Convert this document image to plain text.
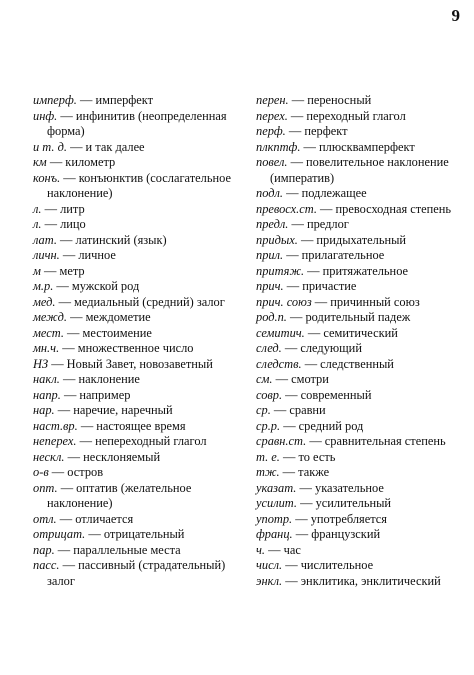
9
имперф. — имперфект
инф. — инфинитив (неопределенная форма)
и т. д. — и так далее
км — километр
конъ. — конъюнктив (сослагательное наклонение)
л. — литр
л. — лицо
лат. — латинский (язык)
личн. — личное
м — метр
м.р. — мужской род
мед. — медиальный (средний) залог
межд. — междометие
мест. — местоимение
мн.ч. — множественное число
НЗ — Новый Завет, новозаветный
накл. — наклонение
напр. — например
нар. — наречие, наречный
наст.вр. — настоящее время
неперех. — непереходный глагол
нескл. — несклоняемый
о-в — остров
опт. — оптатив (желательное наклонение)
отл. — отличается
отрицат. — отрицательный
пар. — параллельные места
пасс. — пассивный (страдательный) залог
перен. — переносный
перех. — переходный глагол
перф. — перфект
плкптф. — плюсквамперфект
повел. — повелительное наклонение (императив)
подл. — подлежащее
превосх.ст. — превосходная степень
предл. — предлог
придых. — придыхательный
прил. — прилагательное
притяж. — притяжательное
прич. — причастие
прич. союз — причинный союз
род.п. — родительный падеж
семитич. — семитический
след. — следующий
следств. — следственный
см. — смотри
совр. — современный
ср. — сравни
ср.р. — средний род
сравн.ст. — сравнительная степень
т. е. — то есть
тж. — также
указат. — указательное
усилит. — усилительный
употр. — употребляется
франц. — французский
ч. — час
числ. — числительное
энкл. — энклитика, энклитический
